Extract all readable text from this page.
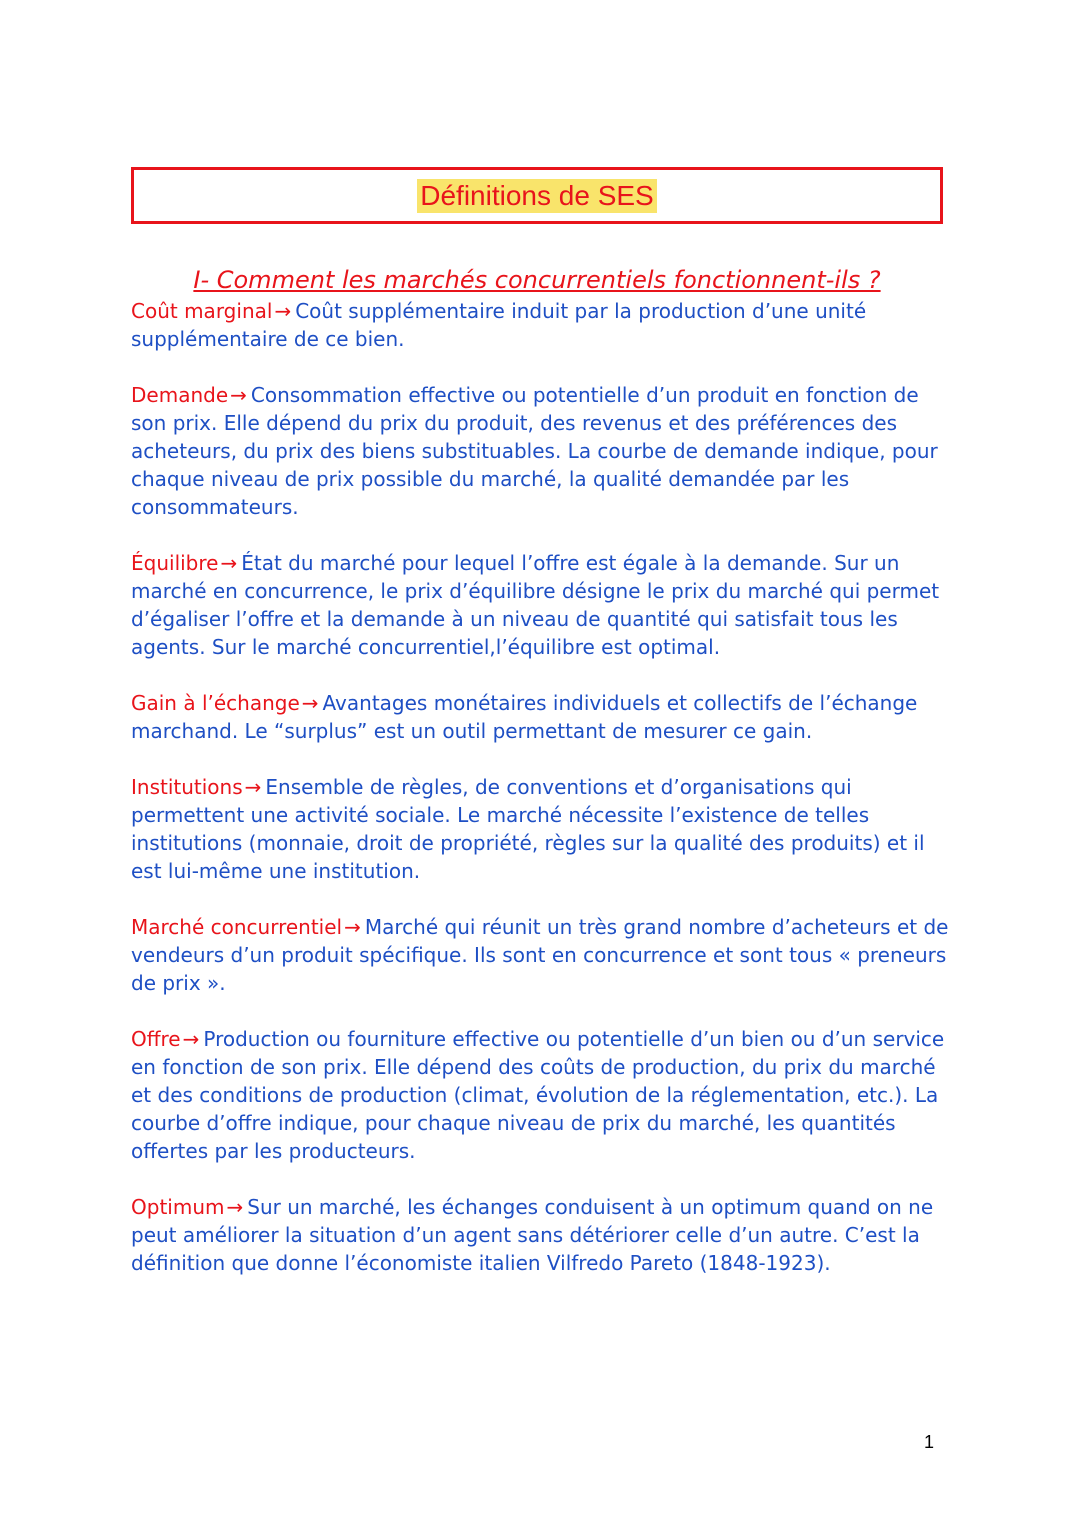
Définitions de SES
I- Comment les marchés concurrentiels fonctionnent-ils ?

Coût marginal → Coût supplémentaire induit par la production d’une unité supplémentaire de ce bien.

Demande → Consommation effective ou potentielle d’un produit en fonction de son prix. Elle dépend du prix du produit, des revenus et des préférences des acheteurs, du prix des biens substituables. La courbe de demande indique, pour chaque niveau de prix possible du marché, la qualité demandée par les consommateurs.

Équilibre → État du marché pour lequel l’offre est égale à la demande. Sur un marché en concurrence, le prix d’équilibre désigne le prix du marché qui permet d’égaliser l’offre et la demande à un niveau de quantité qui satisfait tous les agents. Sur le marché concurrentiel,l’équilibre est optimal.

Gain à l’échange → Avantages monétaires individuels et collectifs de l’échange marchand. Le “surplus” est un outil permettant de mesurer ce gain.

Institutions → Ensemble de règles, de conventions et d’organisations qui permettent une activité sociale. Le marché nécessite l’existence de telles institutions (monnaie, droit de propriété, règles sur la qualité des produits) et il est lui-même une institution.

Marché concurrentiel → Marché qui réunit un très grand nombre d’acheteurs et de vendeurs d’un produit spécifique. Ils sont en concurrence et sont tous « preneurs de prix ».

Offre → Production ou fourniture effective ou potentielle d’un bien ou d’un service en fonction de son prix. Elle dépend des coûts de production, du prix du marché et des conditions de production (climat, évolution de la réglementation, etc.). La courbe d’offre indique, pour chaque niveau de prix du marché, les quantités offertes par les producteurs.

Optimum → Sur un marché, les échanges conduisent à un optimum quand on ne peut améliorer la situation d’un agent sans détériorer celle d’un autre. C’est la définition que donne l’économiste italien Vilfredo Pareto (1848-1923).

1
